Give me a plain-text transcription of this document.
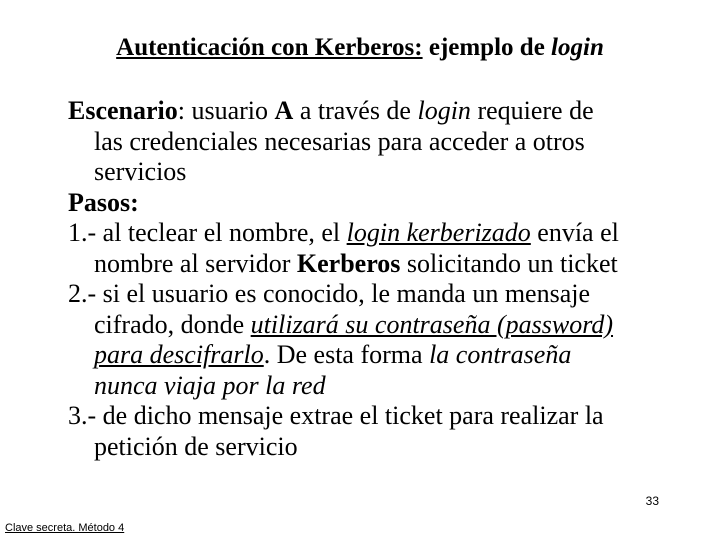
Autenticación con Kerberos: ejemplo de login
Escenario: usuario A a través de login requiere de
las credenciales necesarias para acceder a otros
servicios
Pasos:
1.- al teclear el nombre, el login kerberizado envía el
nombre al servidor Kerberos solicitando un ticket
2.- si el usuario es conocido, le manda un mensaje
cifrado, donde utilizará su contraseña (password)
para descifrarlo. De esta forma la contraseña
nunca viaja por la red
3.- de dicho mensaje extrae el ticket para realizar la
petición de servicio
33
Clave secreta. Método 4
